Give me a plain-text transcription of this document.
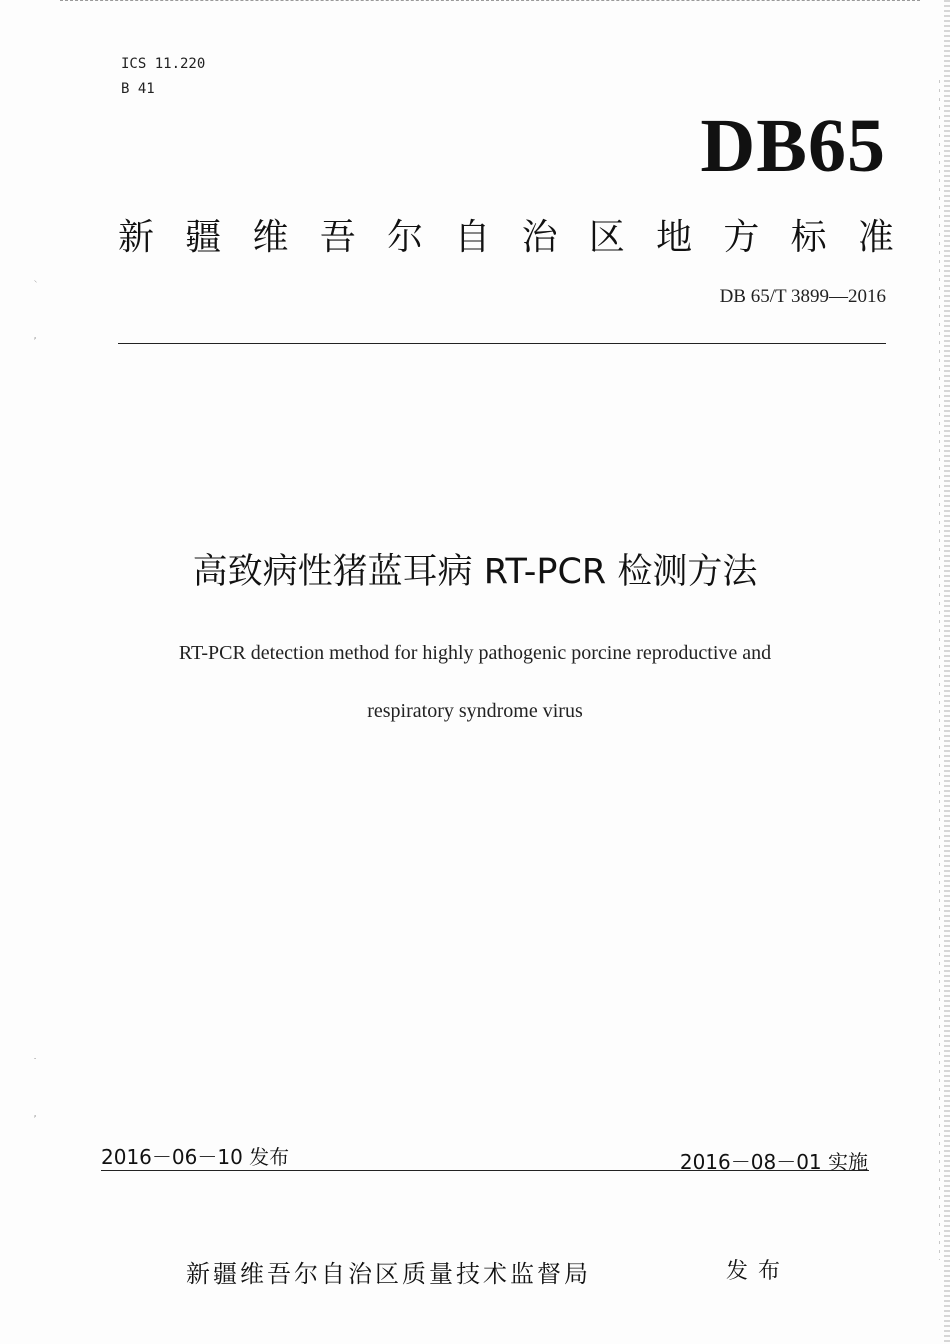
⸜
⸗
-
⸗
ICS 11.220
B 41
DB65
新 疆 维 吾 尔 自 治 区 地 方 标 准
DB 65/T 3899—2016
高致病性猪蓝耳病 RT-PCR 检测方法
RT-PCR detection method for highly pathogenic porcine reproductive and
respiratory syndrome virus
2016－06－10 发布	2016－08－01 实施
新疆维吾尔自治区质量技术监督局	发布
